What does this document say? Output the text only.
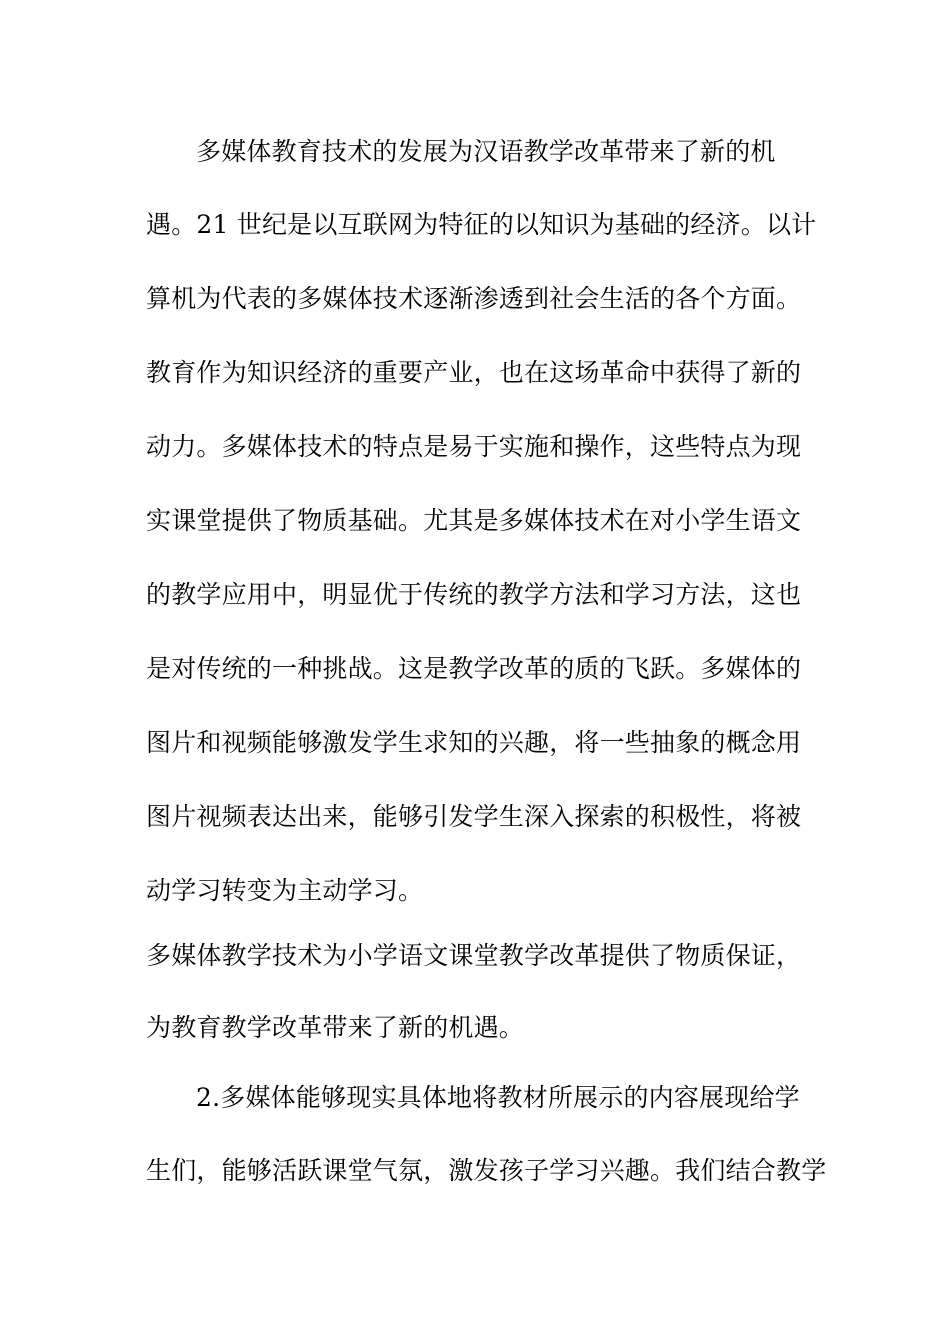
多媒体教育技术的发展为汉语教学改革带来了新的机
遇。21 世纪是以互联网为特征的以知识为基础的经济。以计
算机为代表的多媒体技术逐渐渗透到社会生活的各个方面。
教育作为知识经济的重要产业，也在这场革命中获得了新的
动力。多媒体技术的特点是易于实施和操作，这些特点为现
实课堂提供了物质基础。尤其是多媒体技术在对小学生语文
的教学应用中，明显优于传统的教学方法和学习方法，这也
是对传统的一种挑战。这是教学改革的质的飞跃。多媒体的
图片和视频能够激发学生求知的兴趣，将一些抽象的概念用
图片视频表达出来，能够引发学生深入探索的积极性，将被
动学习转变为主动学习。
多媒体教学技术为小学语文课堂教学改革提供了物质保证，
为教育教学改革带来了新的机遇。
2.多媒体能够现实具体地将教材所展示的内容展现给学
生们，能够活跃课堂气氛，激发孩子学习兴趣。我们结合教学
